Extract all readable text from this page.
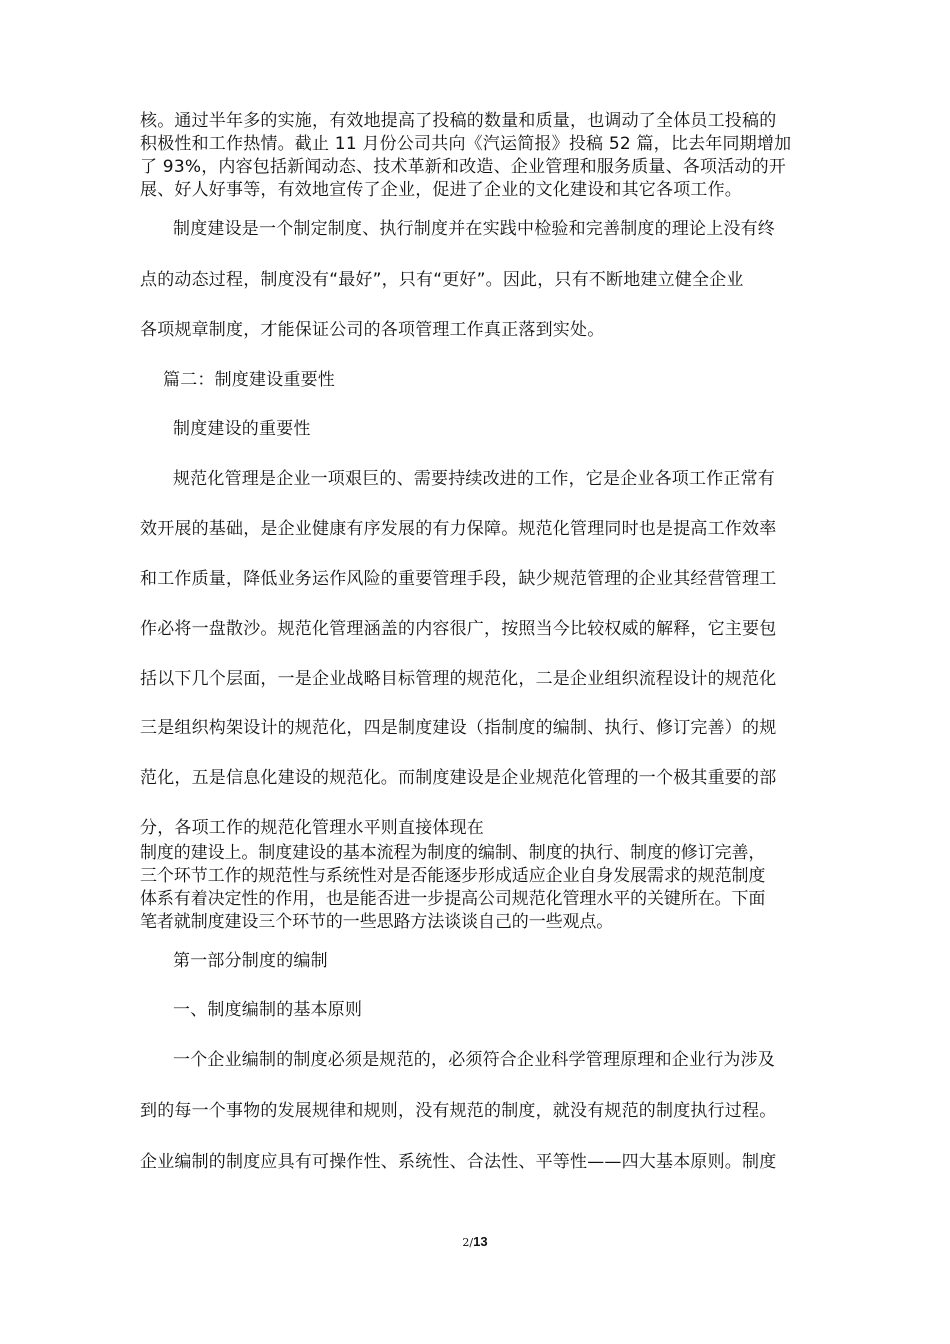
核。通过半年多的实施，有效地提高了投稿的数量和质量，也调动了全体员工投稿的
积极性和工作热情。截止 11 月份公司共向《汽运简报》投稿 52 篇，比去年同期增加
了 93%，内容包括新闻动态、技术革新和改造、企业管理和服务质量、各项活动的开
展、好人好事等，有效地宣传了企业，促进了企业的文化建设和其它各项工作。
制度建设是一个制定制度、执行制度并在实践中检验和完善制度的理论上没有终
点的动态过程，制度没有“最好”，只有“更好”。因此，只有不断地建立健全企业
各项规章制度，才能保证公司的各项管理工作真正落到实处。
篇二：制度建设重要性
制度建设的重要性
规范化管理是企业一项艰巨的、需要持续改进的工作，它是企业各项工作正常有
效开展的基础，是企业健康有序发展的有力保障。规范化管理同时也是提高工作效率
和工作质量，降低业务运作风险的重要管理手段，缺少规范管理的企业其经营管理工
作必将一盘散沙。规范化管理涵盖的内容很广，按照当今比较权威的解释，它主要包
括以下几个层面，一是企业战略目标管理的规范化，二是企业组织流程设计的规范化
三是组织构架设计的规范化，四是制度建设（指制度的编制、执行、修订完善）的规
范化，五是信息化建设的规范化。而制度建设是企业规范化管理的一个极其重要的部
分，各项工作的规范化管理水平则直接体现在
制度的建设上。制度建设的基本流程为制度的编制、制度的执行、制度的修订完善，
三个环节工作的规范性与系统性对是否能逐步形成适应企业自身发展需求的规范制度
体系有着决定性的作用，也是能否进一步提高公司规范化管理水平的关键所在。下面
笔者就制度建设三个环节的一些思路方法谈谈自己的一些观点。
第一部分制度的编制
一、制度编制的基本原则
一个企业编制的制度必须是规范的，必须符合企业科学管理原理和企业行为涉及
到的每一个事物的发展规律和规则，没有规范的制度，就没有规范的制度执行过程。
企业编制的制度应具有可操作性、系统性、合法性、平等性——四大基本原则。制度
2/13
